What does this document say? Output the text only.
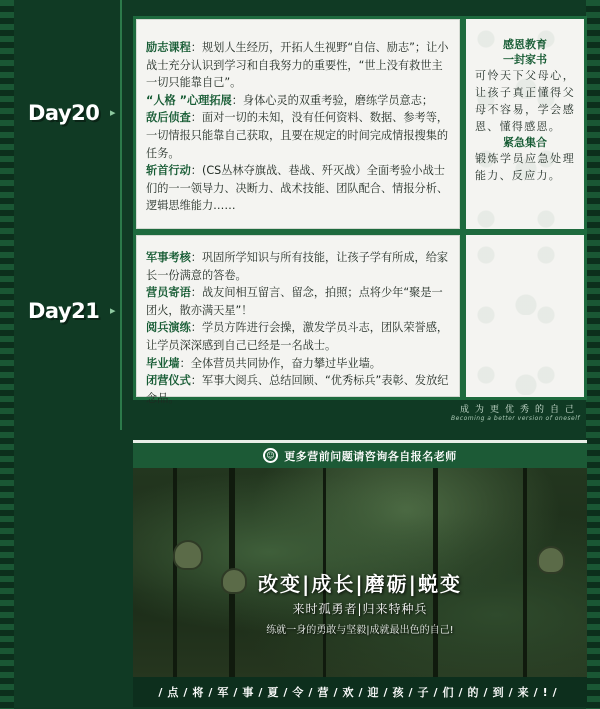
Day20 ▸

励志课程：规划人生经历，开拓人生视野“自信、励志”；让小战士充分认识到学习和自我努力的重要性，“世上没有救世主一切只能靠自己”。

“人格 ”心理拓展：身体心灵的双重考验，磨练学员意志；

敌后侦查：面对一切的未知，没有任何资料、数据、参考等，一切情报只能靠自己获取，且要在规定的时间完成情报搜集的任务。

斩首行动：(CS丛林夺旗战、巷战、歼灭战）全面考验小战士们的一一领导力、决断力、战术技能、团队配合、情报分析、逻辑思维能力……

感恩教育
一封家书

可怜天下父母心，让孩子真正懂得父母不容易，学会感恩、懂得感恩。

紧急集合

锻炼学员应急处理能力、反应力。

Day21 ▸

军事考核：巩固所学知识与所有技能，让孩子学有所成，给家长一份满意的答卷。

营员寄语：战友间相互留言、留念，拍照；点将少年“聚是一团火，散亦满天星”！

阅兵演练：学员方阵进行会操，激发学员斗志，团队荣誉感，让学员深深感到自己已经是一名战士。

毕业墙：全体营员共同协作，奋力攀过毕业墙。

闭营仪式：军事大阅兵、总结回顾、“优秀标兵”表彰、发放纪念品。

成为更优秀的自己
Becoming a better version of oneself
☺ 更多营前问题请咨询各自报名老师
改变|成长|磨砺|蜕变
来时孤勇者|归来特种兵
练就一身的勇敢与坚毅|成就最出色的自己!
/点/将/军/事/夏/令/营/欢/迎/孩/子/们/的/到/来/!/
